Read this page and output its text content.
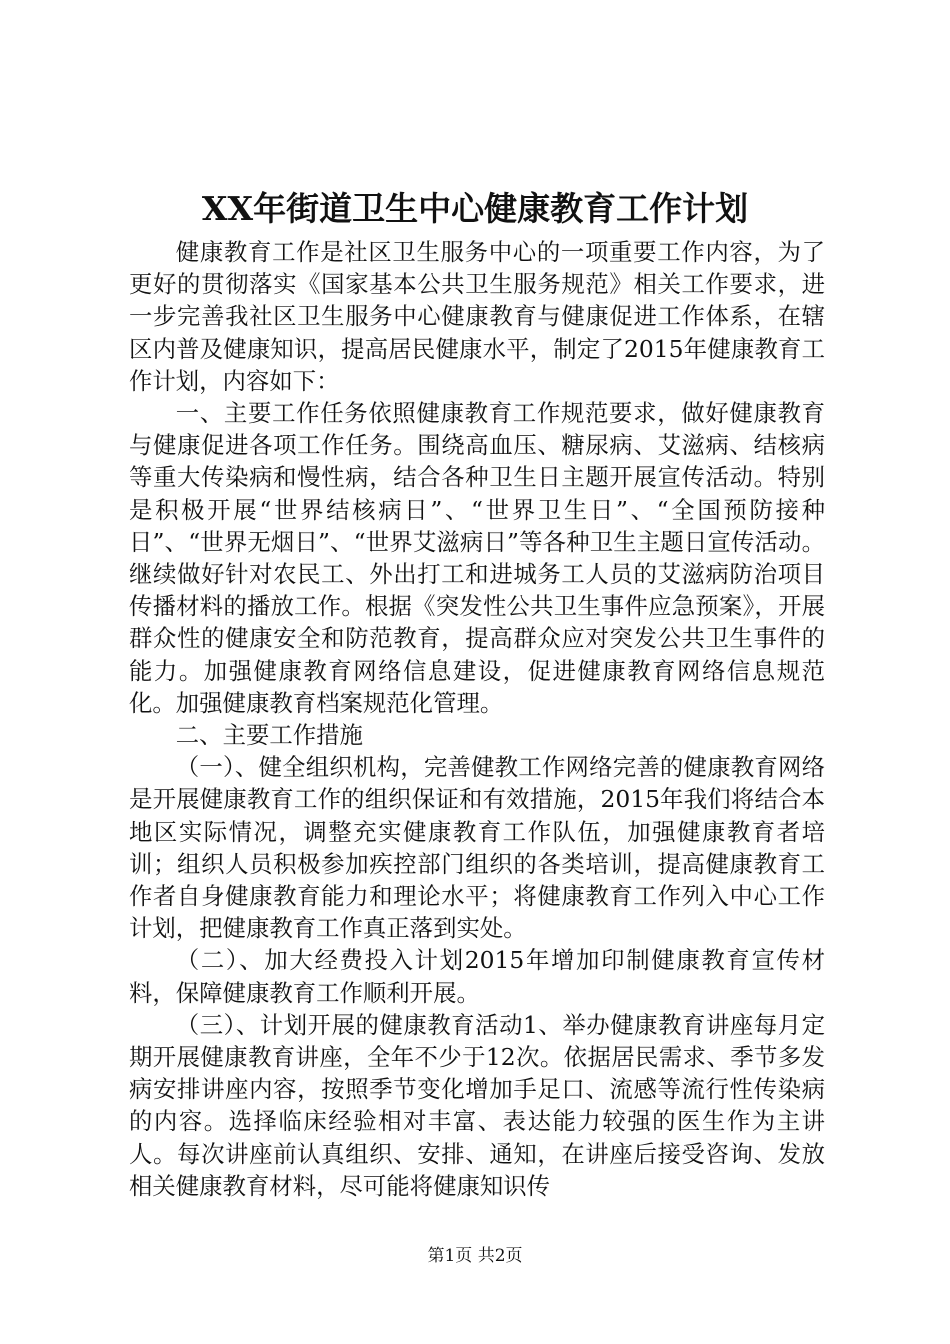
XX年街道卫生中心健康教育工作计划

健康教育工作是社区卫生服务中心的一项重要工作内容，为了更好的贯彻落实《国家基本公共卫生服务规范》相关工作要求，进一步完善我社区卫生服务中心健康教育与健康促进工作体系，在辖区内普及健康知识，提高居民健康水平，制定了2015年健康教育工作计划，内容如下：

一、主要工作任务依照健康教育工作规范要求，做好健康教育与健康促进各项工作任务。围绕高血压、糖尿病、艾滋病、结核病等重大传染病和慢性病，结合各种卫生日主题开展宣传活动。特别是积极开展“世界结核病日”、“世界卫生日”、“全国预防接种日”、“世界无烟日”、“世界艾滋病日”等各种卫生主题日宣传活动。继续做好针对农民工、外出打工和进城务工人员的艾滋病防治项目传播材料的播放工作。根据《突发性公共卫生事件应急预案》，开展群众性的健康安全和防范教育，提高群众应对突发公共卫生事件的能力。加强健康教育网络信息建设，促进健康教育网络信息规范化。加强健康教育档案规范化管理。

二、主要工作措施

（一）、健全组织机构，完善健教工作网络完善的健康教育网络是开展健康教育工作的组织保证和有效措施，2015年我们将结合本地区实际情况，调整充实健康教育工作队伍，加强健康教育者培训；组织人员积极参加疾控部门组织的各类培训，提高健康教育工作者自身健康教育能力和理论水平；将健康教育工作列入中心工作计划，把健康教育工作真正落到实处。

（二）、加大经费投入计划2015年增加印制健康教育宣传材料，保障健康教育工作顺利开展。

（三）、计划开展的健康教育活动1、举办健康教育讲座每月定期开展健康教育讲座，全年不少于12次。依据居民需求、季节多发病安排讲座内容，按照季节变化增加手足口、流感等流行性传染病的内容。选择临床经验相对丰富、表达能力较强的医生作为主讲人。每次讲座前认真组织、安排、通知，在讲座后接受咨询、发放相关健康教育材料，尽可能将健康知识传

第1页 共2页
